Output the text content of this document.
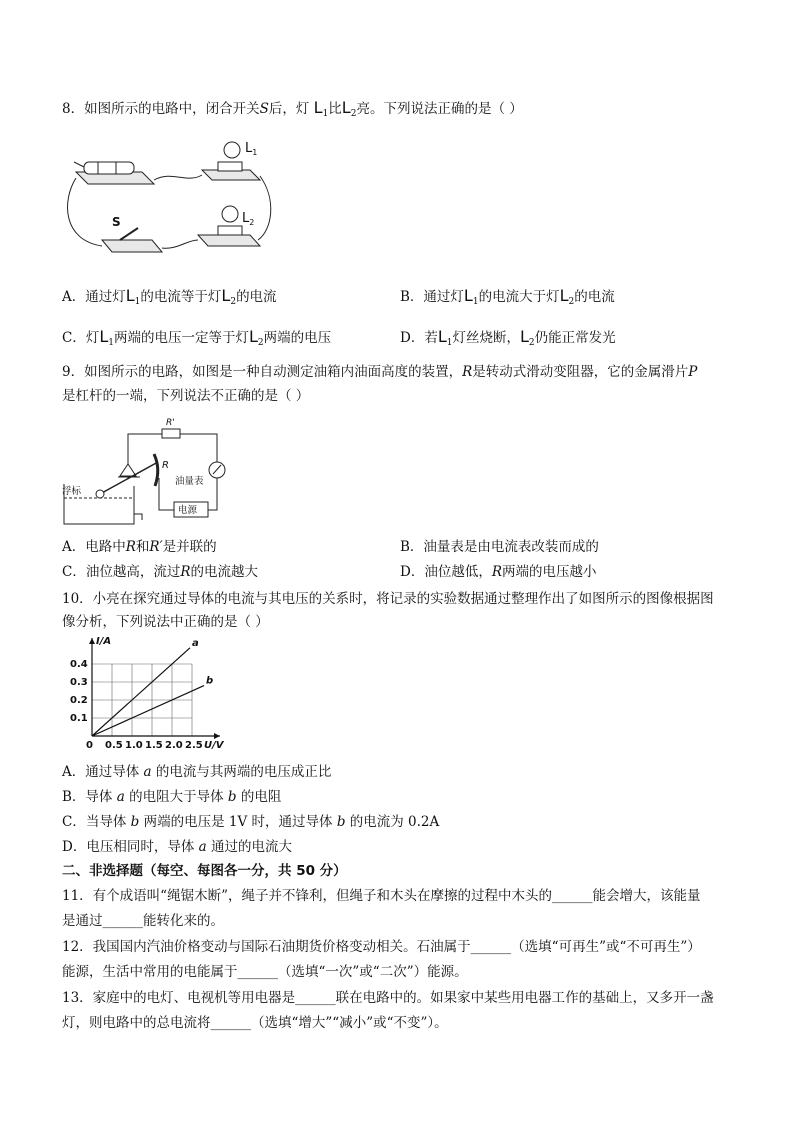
8．如图所示的电路中，闭合开关S后，灯 $L_1$比$L_2$亮。下列说法正确的是（ ）
$L_1$
$L_2$
S
A．通过灯$L_1$的电流等于灯$L_2$的电流	B．通过灯$L_1$的电流大于灯$L_2$的电流
C．灯$L_1$两端的电压一定等于灯$L_2$两端的电压	D．若$L_1$灯丝烧断，$L_2$仍能正常发光
9．如图所示的电路，如图是一种自动测定油箱内油面高度的装置，R是转动式滑动变阻器，它的金属滑片P
是杠杆的一端，下列说法不正确的是（ ）
R'
油量表
电源
R
浮标
A．电路中R和R′是并联的	B．油量表是由电流表改装而成的
C．油位越高，流过R的电流越大	D．油位越低，R两端的电压越小
10．小亮在探究通过导体的电流与其电压的关系时，将记录的实验数据通过整理作出了如图所示的图像根据图
像分析，下列说法中正确的是（ ）
0 0.5 1.0 1.5 2.0 2.5
0.1
0.2
0.3
0.4
I/A
U/V
a
b
A．通过导体 a 的电流与其两端的电压成正比
B．导体 a 的电阻大于导体 b 的电阻
C．当导体 b 两端的电压是 1V 时，通过导体 b 的电流为 0.2A
D．电压相同时，导体 a 通过的电流大
二、非选择题（每空、每图各一分，共 50 分）
11．有个成语叫“绳锯木断”，绳子并不锋利，但绳子和木头在摩擦的过程中木头的______能会增大，该能量
是通过______能转化来的。
12．我国国内汽油价格变动与国际石油期货价格变动相关。石油属于______（选填“可再生”或“不可再生”）
能源，生活中常用的电能属于______（选填“一次”或“二次”）能源。
13．家庭中的电灯、电视机等用电器是______联在电路中的。如果家中某些用电器工作的基础上，又多开一盏
灯，则电路中的总电流将______（选填“增大”“减小”或“不变”）。
